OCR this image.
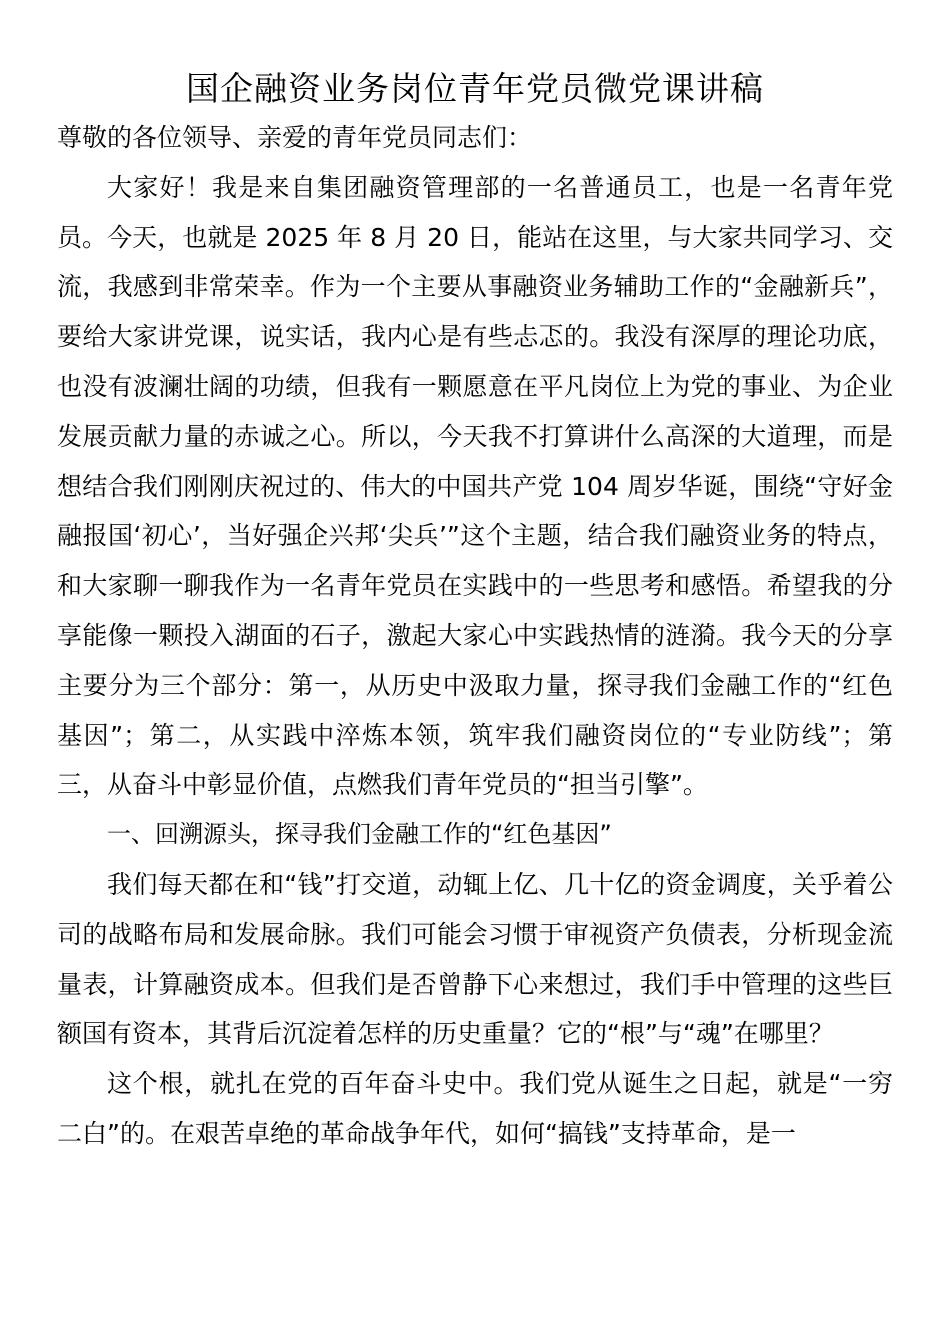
国企融资业务岗位青年党员微党课讲稿

尊敬的各位领导、亲爱的青年党员同志们：

大家好！我是来自集团融资管理部的一名普通员工，也是一名青年党员。今天，也就是 2025 年 8 月 20 日，能站在这里，与大家共同学习、交流，我感到非常荣幸。作为一个主要从事融资业务辅助工作的“金融新兵”，要给大家讲党课，说实话，我内心是有些忐忑的。我没有深厚的理论功底，也没有波澜壮阔的功绩，但我有一颗愿意在平凡岗位上为党的事业、为企业发展贡献力量的赤诚之心。所以，今天我不打算讲什么高深的大道理，而是想结合我们刚刚庆祝过的、伟大的中国共产党 104 周岁华诞，围绕“守好金融报国‘初心’，当好强企兴邦‘尖兵’”这个主题，结合我们融资业务的特点，和大家聊一聊我作为一名青年党员在实践中的一些思考和感悟。希望我的分享能像一颗投入湖面的石子，激起大家心中实践热情的涟漪。我今天的分享主要分为三个部分：第一，从历史中汲取力量，探寻我们金融工作的“红色基因”；第二，从实践中淬炼本领，筑牢我们融资岗位的“专业防线”；第三，从奋斗中彰显价值，点燃我们青年党员的“担当引擎”。

一、回溯源头，探寻我们金融工作的“红色基因”

我们每天都在和“钱”打交道，动辄上亿、几十亿的资金调度，关乎着公司的战略布局和发展命脉。我们可能会习惯于审视资产负债表，分析现金流量表，计算融资成本。但我们是否曾静下心来想过，我们手中管理的这些巨额国有资本，其背后沉淀着怎样的历史重量？它的“根”与“魂”在哪里？

这个根，就扎在党的百年奋斗史中。我们党从诞生之日起，就是“一穷二白”的。在艰苦卓绝的革命战争年代，如何“搞钱”支持革命，是一
